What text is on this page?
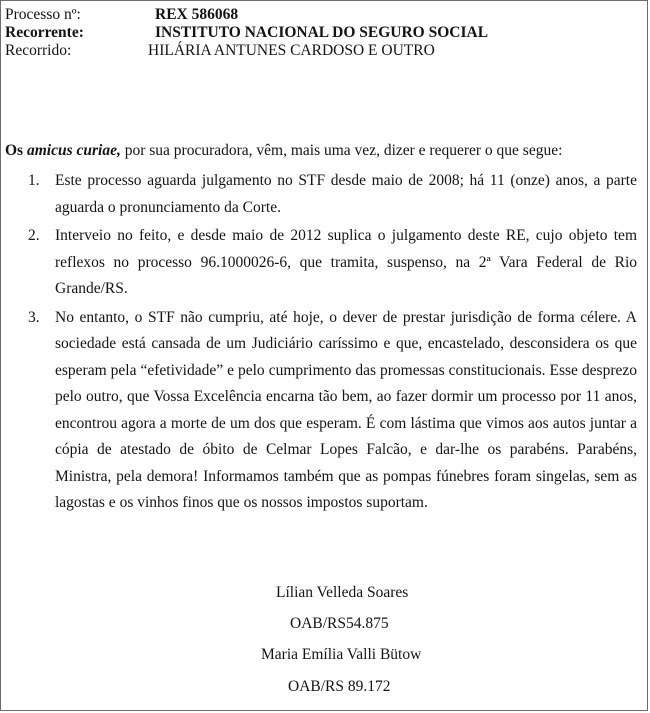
Processo nº:	REX 586068
Recorrente:	INSTITUTO NACIONAL DO SEGURO SOCIAL
Recorrido:	HILÁRIA ANTUNES CARDOSO E OUTRO
Os amicus curiae, por sua procuradora, vêm, mais uma vez, dizer e requerer o que segue:
1. Este processo aguarda julgamento no STF desde maio de 2008; há 11 (onze) anos, a parte aguarda o pronunciamento da Corte.
2. Interveio no feito, e desde maio de 2012 suplica o julgamento deste RE, cujo objeto tem reflexos no processo 96.1000026-6, que tramita, suspenso, na 2ª Vara Federal de Rio Grande/RS.
3. No entanto, o STF não cumpriu, até hoje, o dever de prestar jurisdição de forma célere. A sociedade está cansada de um Judiciário caríssimo e que, encastelado, desconsidera os que esperam pela “efetividade” e pelo cumprimento das promessas constitucionais. Esse desprezo pelo outro, que Vossa Excelência encarna tão bem, ao fazer dormir um processo por 11 anos, encontrou agora a morte de um dos que esperam. É com lástima que vimos aos autos juntar a cópia de atestado de óbito de Celmar Lopes Falcão, e dar-lhe os parabéns. Parabéns, Ministra, pela demora! Informamos também que as pompas fúnebres foram singelas, sem as lagostas e os vinhos finos que os nossos impostos suportam.
Lílian Velleda Soares
OAB/RS54.875
Maria Emília Valli Bütow
OAB/RS 89.172
